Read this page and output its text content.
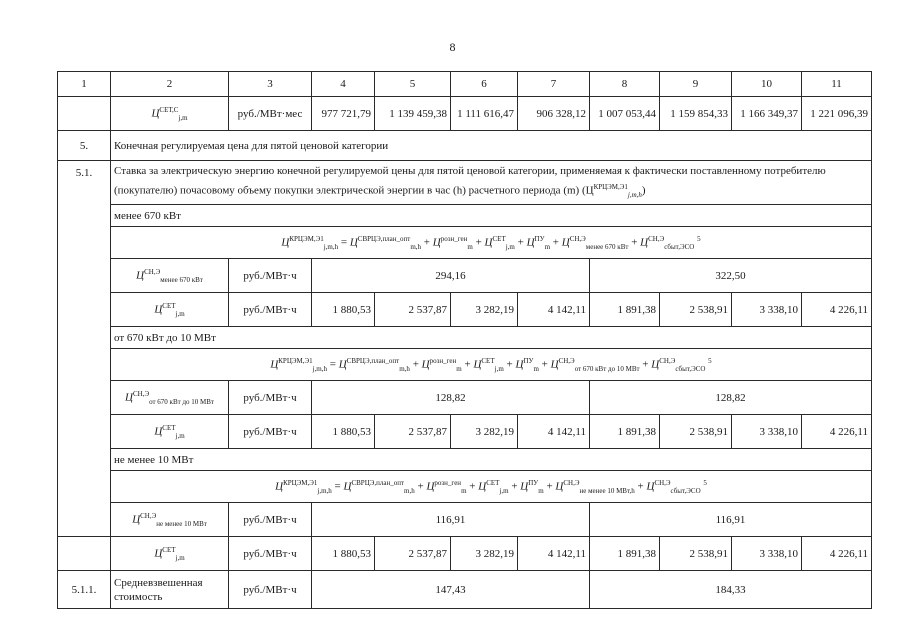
8
1	2	3	4	5	6	7	8	9	10	11
	$Ц^{СЕТ,С}_{j,m}$	руб./МВт·мес	977 721,79	1 139 459,38	1 111 616,47	906 328,12	1 007 053,44	1 159 854,33	1 166 349,37	1 221 096,39
5.	Конечная регулируемая цена для пятой ценовой категории									
5.1.	Ставка за электрическую энергию конечной регулируемой цены для пятой ценовой категории, применяемая к фактически поставленному потребителю (покупателю) почасовому объему покупки электрической энергии в час (h) расчетного периода (m) $(Ц^{КРЦЭМ,Э1}_{j,m,h})$									
	менее 670 кВт									
	$Ц^{КРЦЭМ,Э1}_{j,m,h} = Ц^{СВРЦЭ,план\_опт}_{m,h} + Ц^{розн\_ген}_m + Ц^{СЕТ}_{j,m} + Ц^{ПУ}_m + Ц^{СН,Э}_{менее 670 кВт} + Ц^{СН,Э}_{сбыт,ЭСО}$ $^5$
	$Ц^{СН,Э}_{менее 670 кВт}$	руб./МВт·ч	294,16				322,50			
	$Ц^{СЕТ}_{j,m}$	руб./МВт·ч	1 880,53	2 537,87	3 282,19	4 142,11	1 891,38	2 538,91	3 338,10	4 226,11
	от 670 кВт до 10 МВт									
	$Ц^{КРЦЭМ,Э1}_{j,m,h} = Ц^{СВРЦЭ,план\_опт}_{m,h} + Ц^{розн\_ген}_m + Ц^{СЕТ}_{j,m} + Ц^{ПУ}_m + Ц^{СН,Э}_{от 670 кВт до 10 МВт} + Ц^{СН,Э}_{сбыт,ЭСО}$ $^5$
	$Ц^{СН,Э}_{от 670 кВт до 10 МВт}$	руб./МВт·ч	128,82				128,82			
	$Ц^{СЕТ}_{j,m}$	руб./МВт·ч	1 880,53	2 537,87	3 282,19	4 142,11	1 891,38	2 538,91	3 338,10	4 226,11
	не менее 10 МВт									
	$Ц^{КРЦЭМ,Э1}_{j,m,h} = Ц^{СВРЦЭ,план\_опт}_{m,h} + Ц^{розн\_ген}_m + Ц^{СЕТ}_{j,m} + Ц^{ПУ}_m + Ц^{СН,Э}_{не менее 10 МВт,h} + Ц^{СН,Э}_{сбыт,ЭСО}$ $^5$
	$Ц^{СН,Э}_{не менее 10 МВт}$	руб./МВт·ч	116,91				116,91			
	$Ц^{СЕТ}_{j,m}$	руб./МВт·ч	1 880,53	2 537,87	3 282,19	4 142,11	1 891,38	2 538,91	3 338,10	4 226,11
5.1.1.	Средневзвешенная стоимость	руб./МВт·ч	147,43				184,33			
